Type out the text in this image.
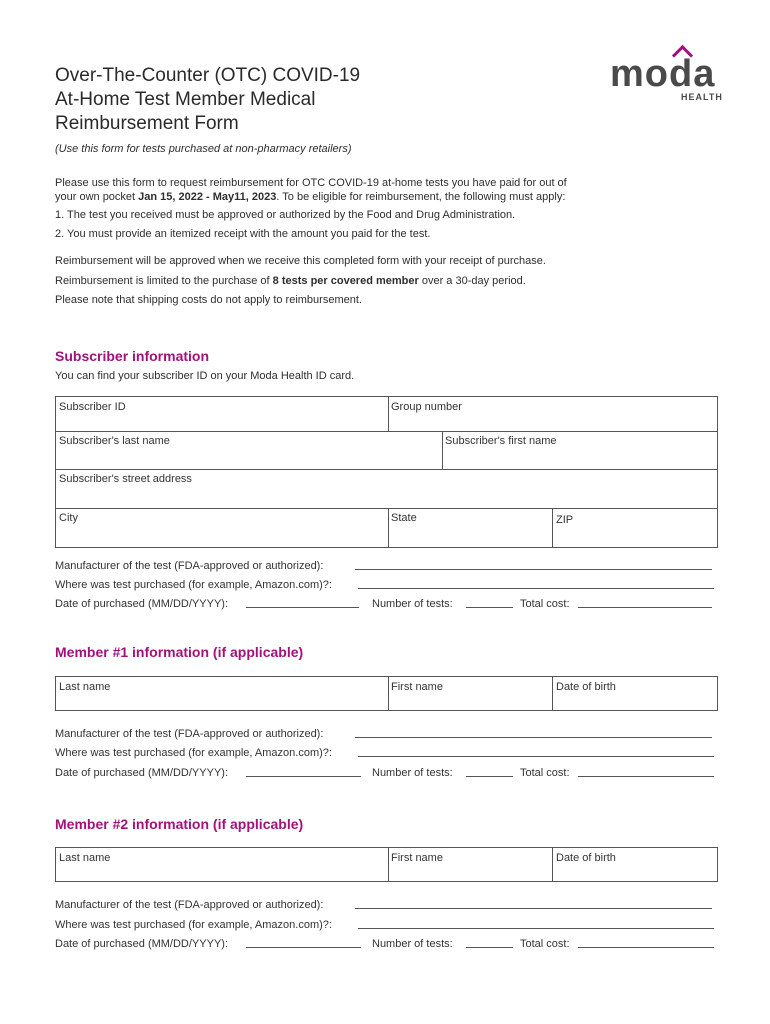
Over-The-Counter (OTC) COVID-19
At-Home Test Member Medical
Reimbursement Form
moda
HEALTH
(Use this form for tests purchased at non-pharmacy retailers)
Please use this form to request reimbursement for OTC COVID-19 at-home tests you have paid for out of
your own pocket Jan 15, 2022 - May11, 2023. To be eligible for reimbursement, the following must apply:
1. The test you received must be approved or authorized by the Food and Drug Administration.
2. You must provide an itemized receipt with the amount you paid for the test.
Reimbursement will be approved when we receive this completed form with your receipt of purchase.
Reimbursement is limited to the purchase of 8 tests per covered member over a 30-day period.
Please note that shipping costs do not apply to reimbursement.
Subscriber information
You can find your subscriber ID on your Moda Health ID card.
Subscriber ID	Group number
Subscriber's last name	Subscriber's first name
Subscriber's street address
City	State	ZIP
Manufacturer of the test (FDA-approved or authorized):
Where was test purchased (for example, Amazon.com)?:
Date of purchased (MM/DD/YYYY):	Number of tests:	Total cost:
Member #1 information (if applicable)
Last name	First name	Date of birth
Manufacturer of the test (FDA-approved or authorized):
Where was test purchased (for example, Amazon.com)?:
Date of purchased (MM/DD/YYYY):	Number of tests:	Total cost:
Member #2 information (if applicable)
Last name	First name	Date of birth
Manufacturer of the test (FDA-approved or authorized):
Where was test purchased (for example, Amazon.com)?:
Date of purchased (MM/DD/YYYY):	Number of tests:	Total cost:
